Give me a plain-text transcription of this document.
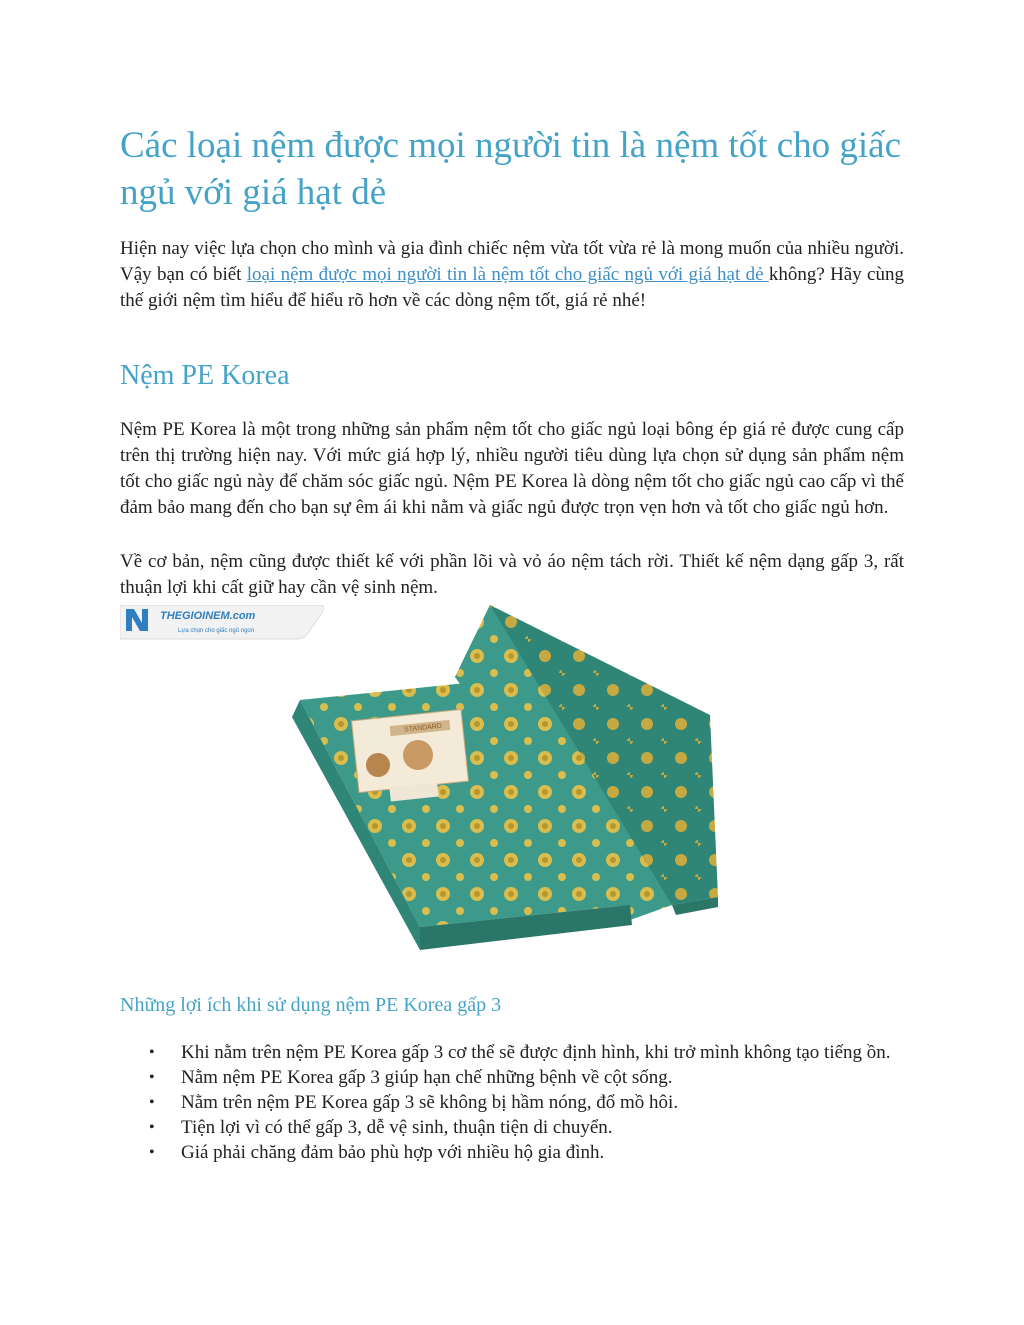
Các loại nệm được mọi người tin là nệm tốt cho giấc ngủ với giá hạt dẻ

Hiện nay việc lựa chọn cho mình và gia đình chiếc nệm vừa tốt vừa rẻ là mong muốn của nhiều người. Vậy bạn có biết loại nệm được mọi người tin là nệm tốt cho giấc ngủ với giá hạt dẻ không? Hãy cùng thế giới nệm tìm hiểu để hiểu rõ hơn về các dòng nệm tốt, giá rẻ nhé!

Nệm PE Korea

Nệm PE Korea là một trong những sản phẩm nệm tốt cho giấc ngủ loại bông ép giá rẻ được cung cấp trên thị trường hiện nay. Với mức giá hợp lý, nhiều người tiêu dùng lựa chọn sử dụng sản phẩm nệm tốt cho giấc ngủ này để chăm sóc giấc ngủ. Nệm PE Korea là dòng nệm tốt cho giấc ngủ cao cấp vì thế đảm bảo mang đến cho bạn sự êm ái khi nằm và giấc ngủ được trọn vẹn hơn và tốt cho giấc ngủ hơn.

Về cơ bản, nệm cũng được thiết kế với phần lõi và vỏ áo nệm tách rời. Thiết kế nệm dạng gấp 3, rất thuận lợi khi cất giữ hay cần vệ sinh nệm.

THEGIOINEM.com
Lựa chọn cho giấc ngủ ngon
STANDARD
Những lợi ích khi sử dụng nệm PE Korea gấp 3
• Khi nằm trên nệm PE Korea gấp 3 cơ thể sẽ được định hình, khi trở mình không tạo tiếng ồn.
• Nằm nệm PE Korea gấp 3 giúp hạn chế những bệnh về cột sống.
• Nằm trên nệm PE Korea gấp 3 sẽ không bị hầm nóng, đổ mồ hôi.
• Tiện lợi vì có thể gấp 3, dễ vệ sinh, thuận tiện di chuyển.
• Giá phải chăng đảm bảo phù hợp với nhiều hộ gia đình.
